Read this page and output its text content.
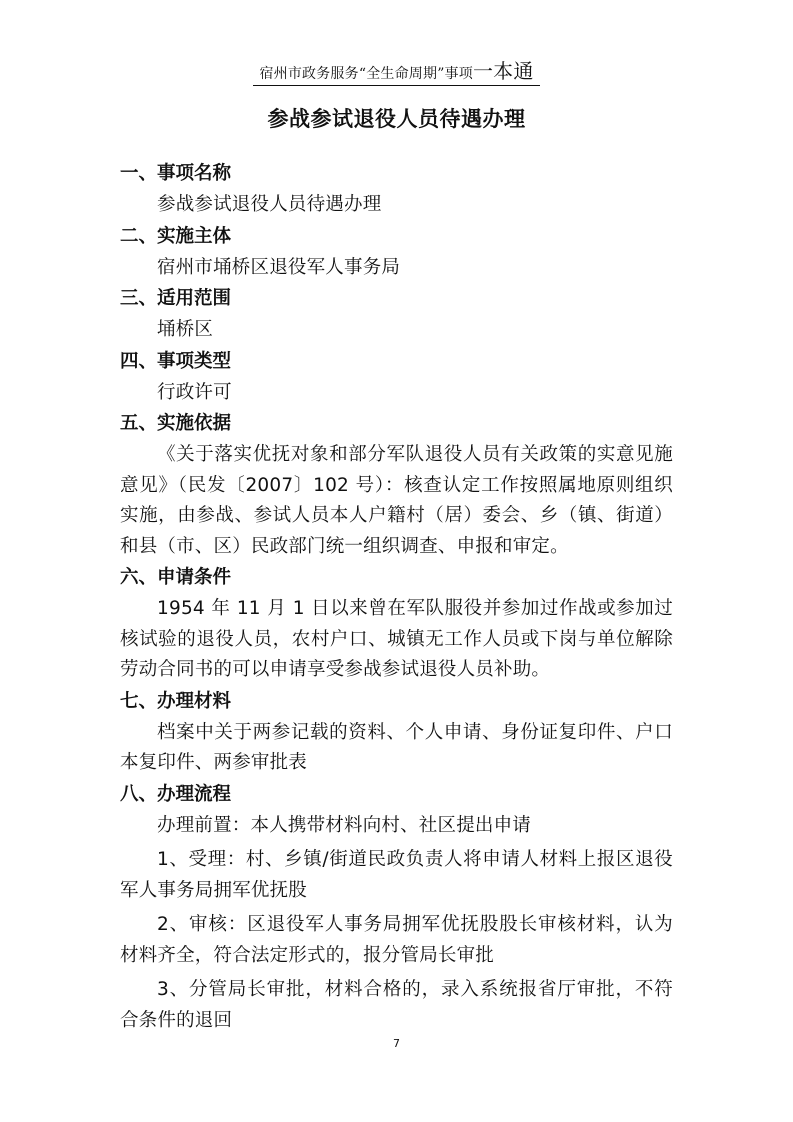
宿州市政务服务“全生命周期”事项一本通
参战参试退役人员待遇办理
一、事项名称
参战参试退役人员待遇办理
二、实施主体
宿州市埇桥区退役军人事务局
三、适用范围
埇桥区
四、事项类型
行政许可
五、实施依据
《关于落实优抚对象和部分军队退役人员有关政策的实意见施意见》（民发〔2007〕102 号）：核查认定工作按照属地原则组织实施，由参战、参试人员本人户籍村（居）委会、乡（镇、街道）和县（市、区）民政部门统一组织调查、申报和审定。
六、申请条件
1954 年 11 月 1 日以来曾在军队服役并参加过作战或参加过核试验的退役人员，农村户口、城镇无工作人员或下岗与单位解除劳动合同书的可以申请享受参战参试退役人员补助。
七、办理材料
档案中关于两参记载的资料、个人申请、身份证复印件、户口本复印件、两参审批表
八、办理流程
办理前置：本人携带材料向村、社区提出申请
1、受理：村、乡镇/街道民政负责人将申请人材料上报区退役军人事务局拥军优抚股
2、审核：区退役军人事务局拥军优抚股股长审核材料，认为材料齐全，符合法定形式的，报分管局长审批
3、分管局长审批，材料合格的，录入系统报省厅审批，不符合条件的退回
7
